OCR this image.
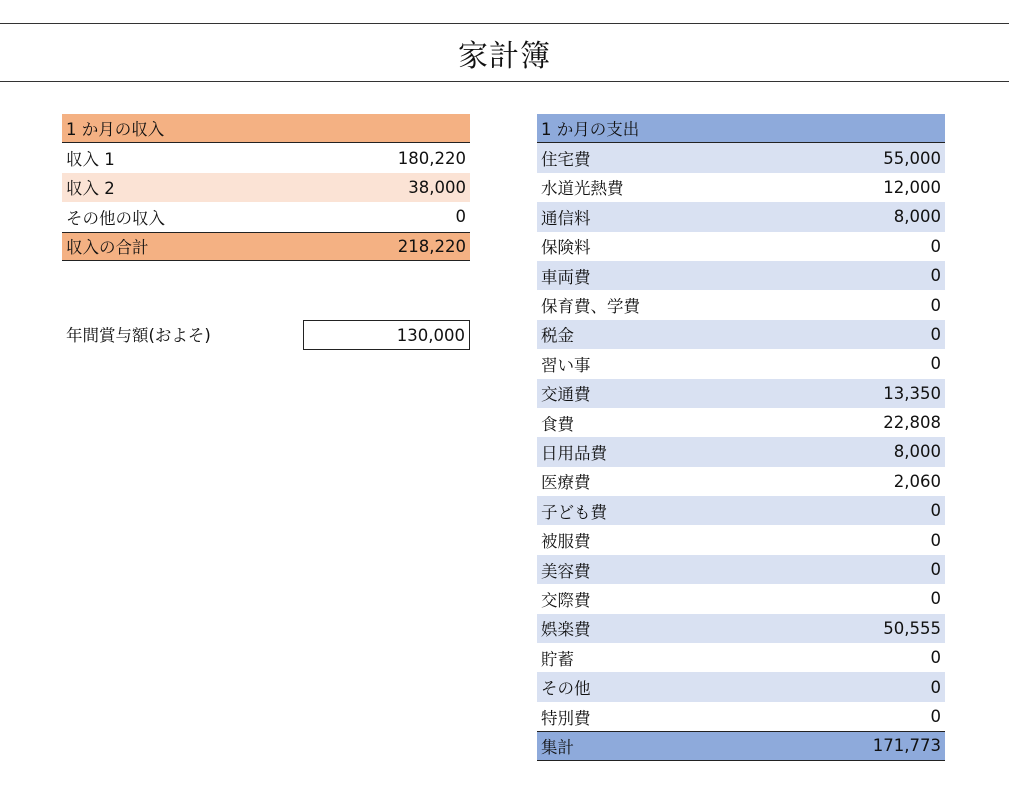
家計簿
1 か月の収入
収入 1	180,220
収入 2	38,000
その他の収入	0
収入の合計	218,220
年間賞与額(およそ)	130,000
1 か月の支出
住宅費	55,000
水道光熱費	12,000
通信料	8,000
保険料	0
車両費	0
保育費、学費	0
税金	0
習い事	0
交通費	13,350
食費	22,808
日用品費	8,000
医療費	2,060
子ども費	0
被服費	0
美容費	0
交際費	0
娯楽費	50,555
貯蓄	0
その他	0
特別費	0
集計	171,773
